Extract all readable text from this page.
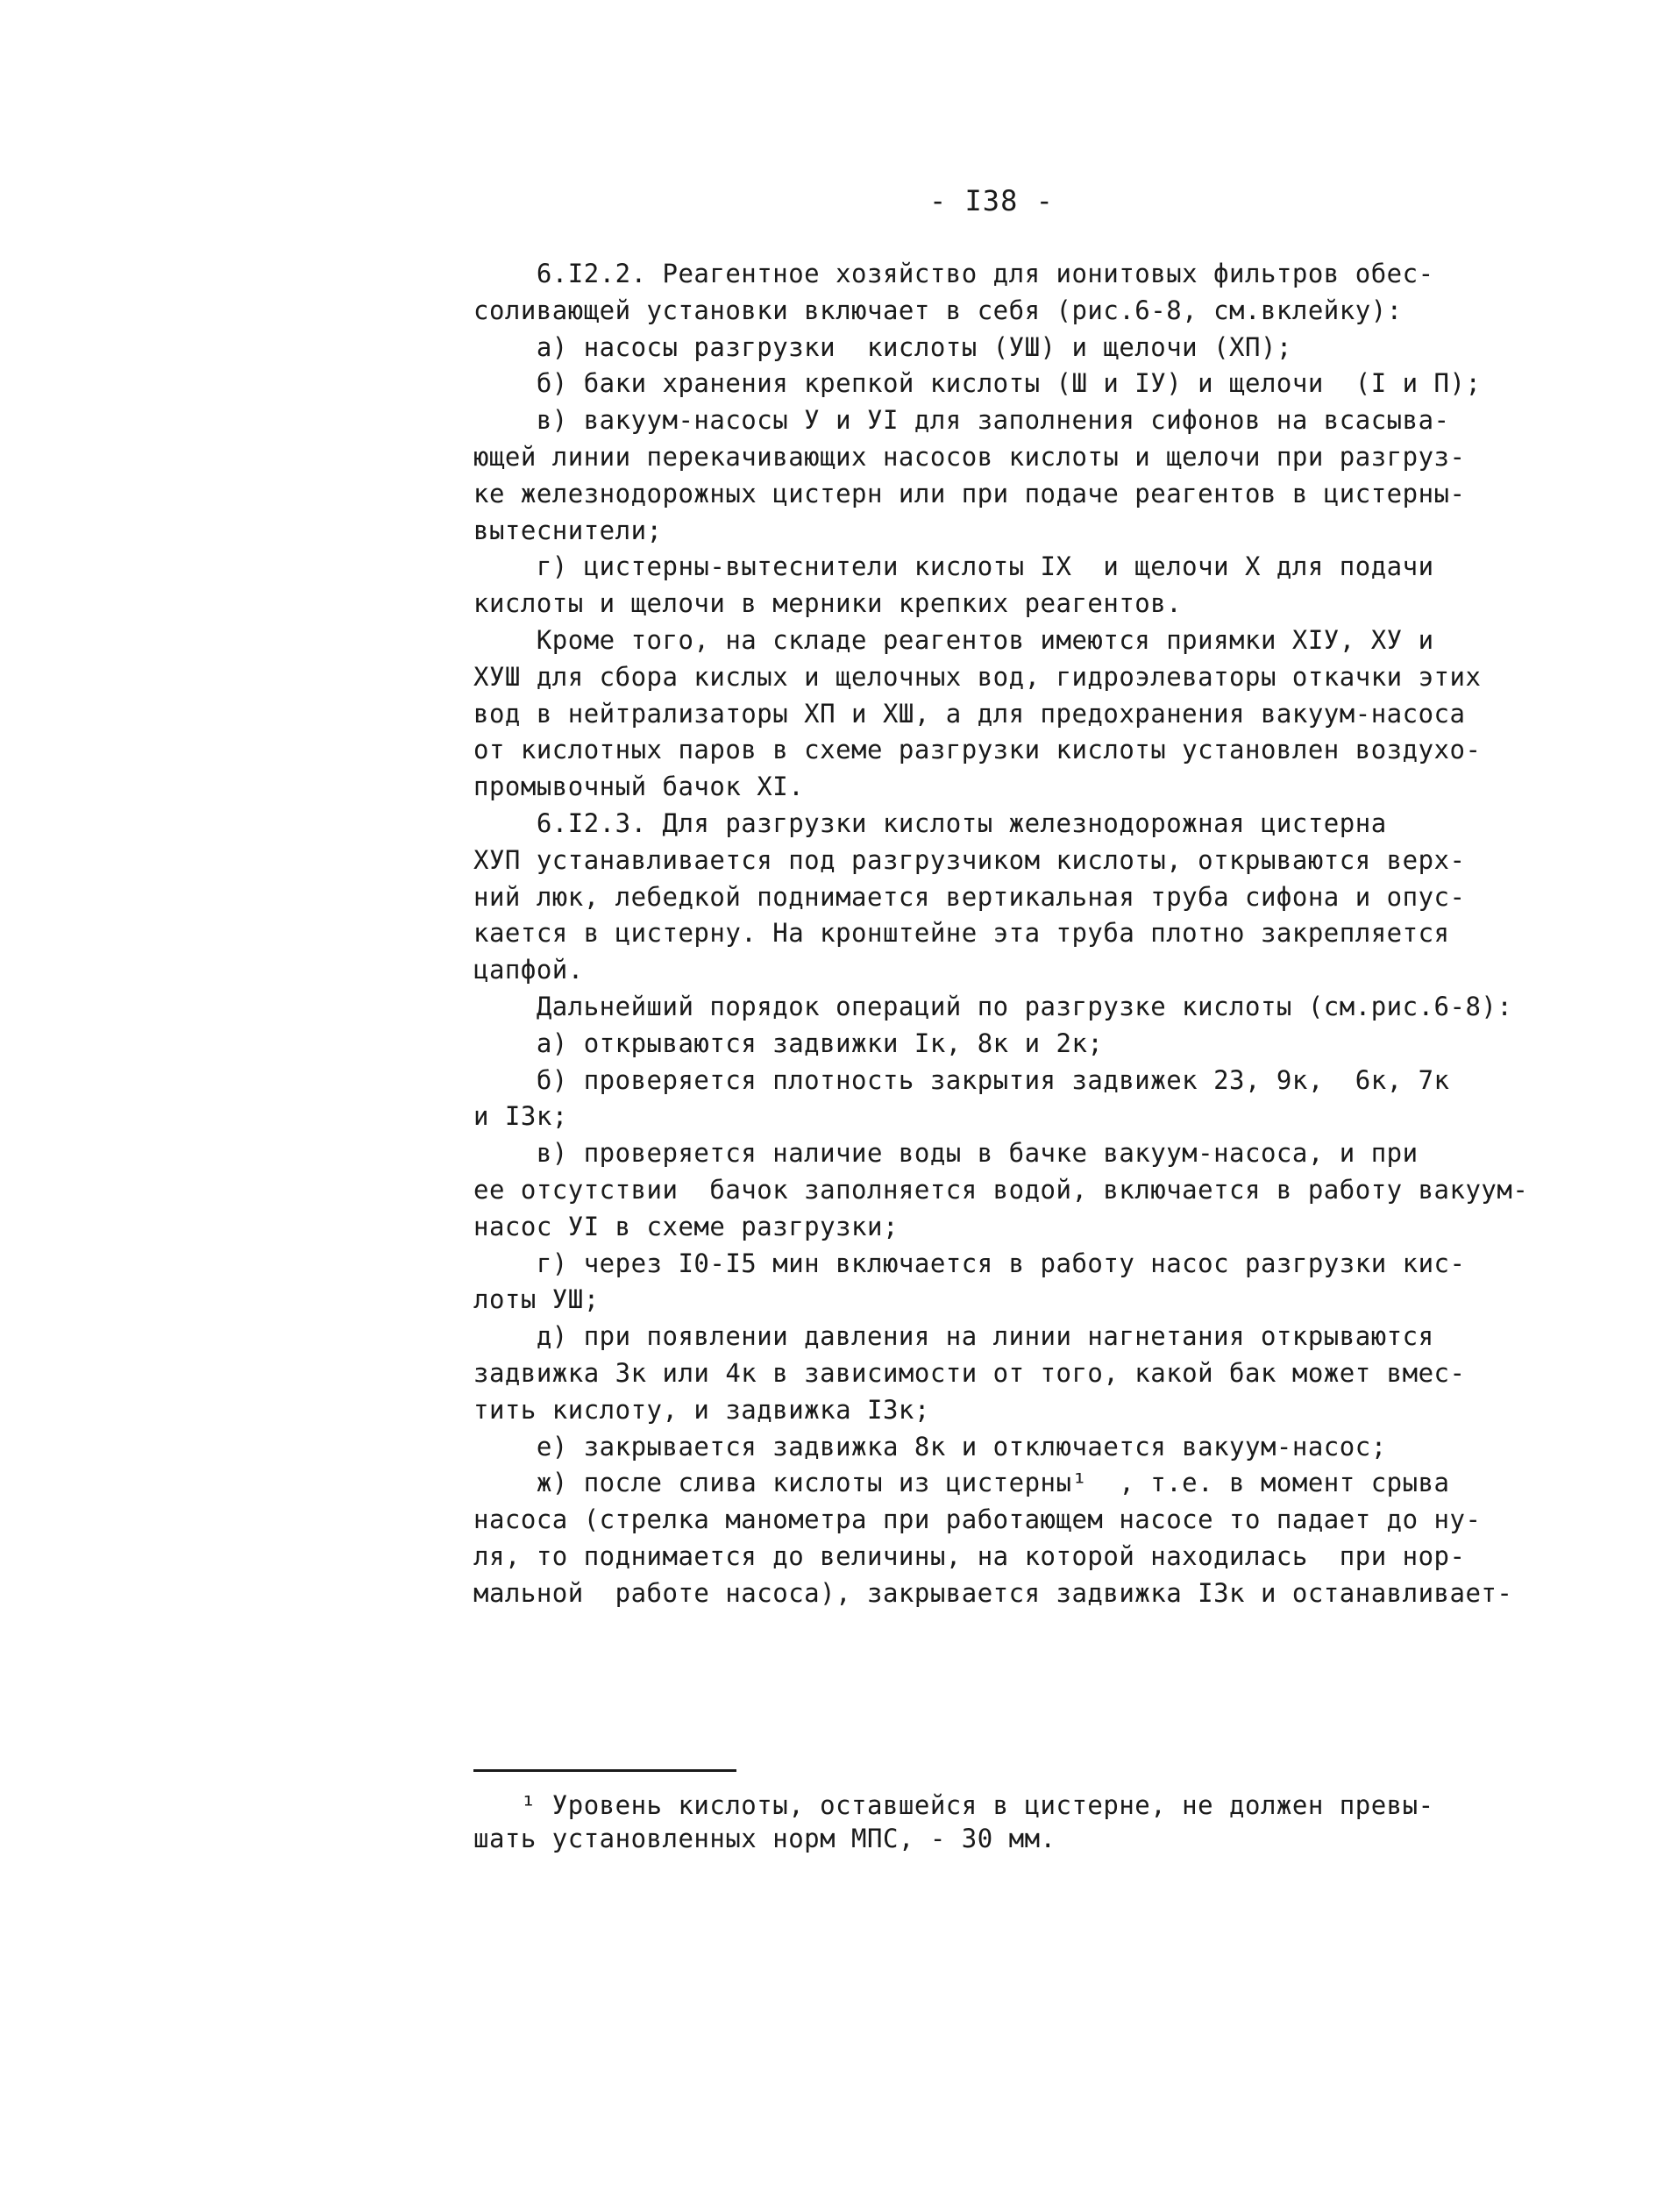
- I38 -
6.I2.2. Реагентное хозяйство для ионитовых фильтров обес-
соливающей установки включает в себя (рис.6-8, см.вклейку):
а) насосы разгрузки  кислоты (УШ) и щелочи (ХП);
б) баки хранения крепкой кислоты (Ш и IУ) и щелочи  (I и П);
в) вакуум-насосы У и УI для заполнения сифонов на всасыва-
ющей линии перекачивающих насосов кислоты и щелочи при разгруз-
ке железнодорожных цистерн или при подаче реагентов в цистерны-
вытеснители;
г) цистерны-вытеснители кислоты IX  и щелочи X для подачи
кислоты и щелочи в мерники крепких реагентов.
Кроме того, на складе реагентов имеются приямки XIУ, ХУ и
ХУШ для сбора кислых и щелочных вод, гидроэлеваторы откачки этих
вод в нейтрализаторы ХП и ХШ, а для предохранения вакуум-насоса
от кислотных паров в схеме разгрузки кислоты установлен воздухо-
промывочный бачок XI.
6.I2.3. Для разгрузки кислоты железнодорожная цистерна
ХУП устанавливается под разгрузчиком кислоты, открываются верх-
ний люк, лебедкой поднимается вертикальная труба сифона и опус-
кается в цистерну. На кронштейне эта труба плотно закрепляется
цапфой.
Дальнейший порядок операций по разгрузке кислоты (см.рис.6-8):
а) открываются задвижки Iк, 8к и 2к;
б) проверяется плотность закрытия задвижек 23, 9к,  6к, 7к
и I3к;
в) проверяется наличие воды в бачке вакуум-насоса, и при
ее отсутствии  бачок заполняется водой, включается в работу вакуум-
насос УI в схеме разгрузки;
г) через I0-I5 мин включается в работу насос разгрузки кис-
лоты УШ;
д) при появлении давления на линии нагнетания открываются
задвижка 3к или 4к в зависимости от того, какой бак может вмес-
тить кислоту, и задвижка I3к;
е) закрывается задвижка 8к и отключается вакуум-насос;
ж) после слива кислоты из цистерны¹  , т.е. в момент срыва
насоса (стрелка манометра при работающем насосе то падает до ну-
ля, то поднимается до величины, на которой находилась  при нор-
мальной  работе насоса), закрывается задвижка I3к и останавливает-
¹ Уровень кислоты, оставшейся в цистерне, не должен превы-
шать установленных норм МПС, - 30 мм.
